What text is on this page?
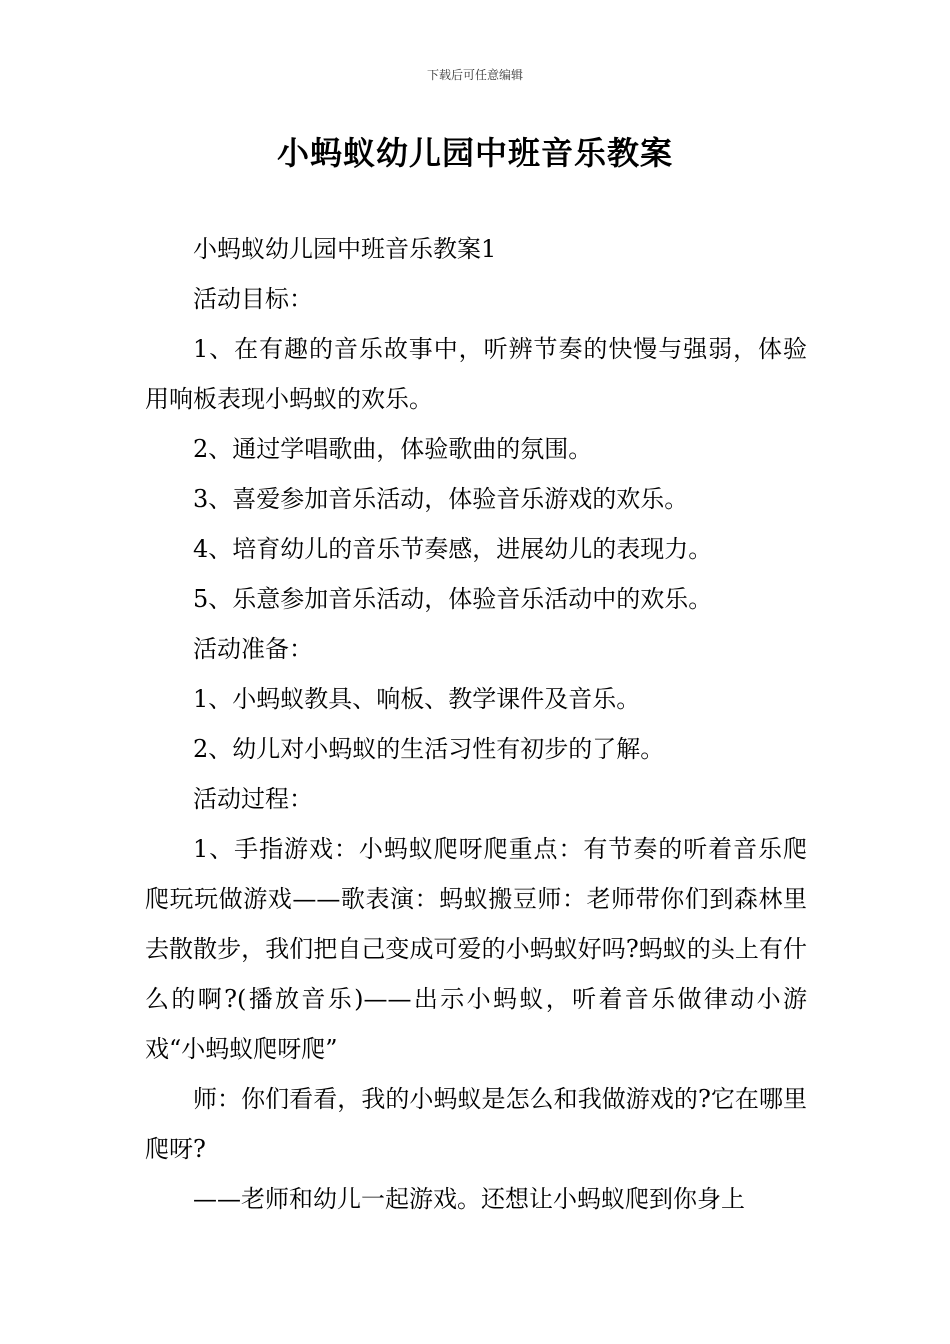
下载后可任意编辑
小蚂蚁幼儿园中班音乐教案

小蚂蚁幼儿园中班音乐教案1

活动目标：

1、在有趣的音乐故事中，听辨节奏的快慢与强弱，体验用响板表现小蚂蚁的欢乐。

2、通过学唱歌曲，体验歌曲的氛围。

3、喜爱参加音乐活动，体验音乐游戏的欢乐。

4、培育幼儿的音乐节奏感，进展幼儿的表现力。

5、乐意参加音乐活动，体验音乐活动中的欢乐。

活动准备：

1、小蚂蚁教具、响板、教学课件及音乐。

2、幼儿对小蚂蚁的生活习性有初步的了解。

活动过程：

1、手指游戏：小蚂蚁爬呀爬重点：有节奏的听着音乐爬爬玩玩做游戏——歌表演：蚂蚁搬豆师：老师带你们到森林里去散散步，我们把自己变成可爱的小蚂蚁好吗?蚂蚁的头上有什么的啊?(播放音乐)——出示小蚂蚁，听着音乐做律动小游戏“小蚂蚁爬呀爬”

师：你们看看，我的小蚂蚁是怎么和我做游戏的?它在哪里爬呀?

——老师和幼儿一起游戏。还想让小蚂蚁爬到你身上
